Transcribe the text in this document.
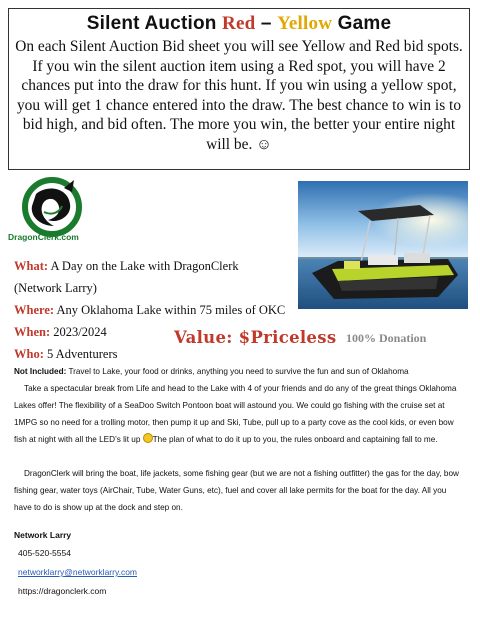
Silent Auction Red – Yellow Game
On each Silent Auction Bid sheet you will see Yellow and Red bid spots. If you win the silent auction item using a Red spot, you will have 2 chances put into the draw for this hunt. If you win using a yellow spot, you will get 1 chance entered into the draw. The best chance to win is to bid high, and bid often. The more you win, the better your entire night will be. ☺
DragonClerk.com
What: A Day on the Lake with DragonClerk
(Network Larry)
Where: Any Oklahoma Lake within 75 miles of OKC
When: 2023/2024
Who: 5 Adventurers
Value: $Priceless 100% Donation
Not Included: Travel to Lake, your food or drinks, anything you need to survive the fun and sun of Oklahoma
Take a spectacular break from Life and head to the Lake with 4 of your friends and do any of the great things Oklahoma Lakes offer! The flexibility of a SeaDoo Switch Pontoon boat will astound you. We could go fishing with the cruise set at 1MPG so no need for a trolling motor, then pump it up and Ski, Tube, pull up to a party cove as the cool kids, or even bow fish at night with all the LED’s lit up The plan of what to do it up to you, the rules onboard and captaining fall to me.
DragonClerk will bring the boat, life jackets, some fishing gear (but we are not a fishing outfitter) the gas for the day, bow fishing gear, water toys (AirChair, Tube, Water Guns, etc), fuel and cover all lake permits for the boat for the day. All you have to do is show up at the dock and step on.
Network Larry
405-520-5554
networklarry@networklarry.com
https://dragonclerk.com
